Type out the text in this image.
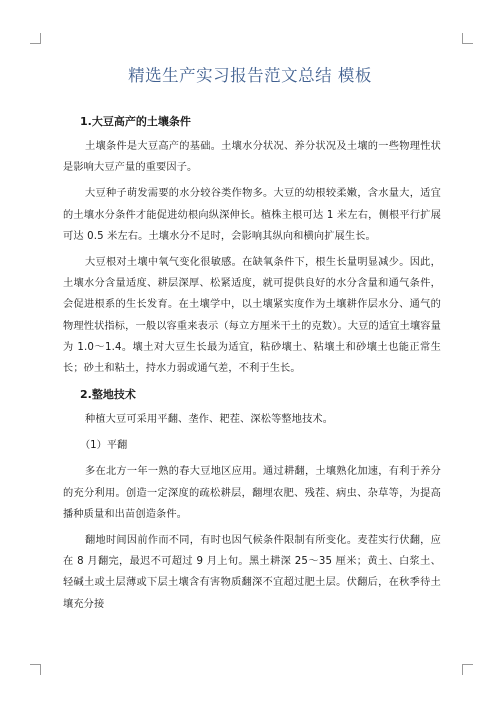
精选生产实习报告范文总结 模板
1.大豆高产的土壤条件

土壤条件是大豆高产的基础。土壤水分状况、养分状况及土壤的一些物理性状是影响大豆产量的重要因子。

大豆种子萌发需要的水分较谷类作物多。大豆的幼根较柔嫩，含水量大，适宜的土壤水分条件才能促进幼根向纵深伸长。植株主根可达 1 米左右，侧根平行扩展可达 0.5 米左右。土壤水分不足时，会影响其纵向和横向扩展生长。

大豆根对土壤中氧气变化很敏感。在缺氧条件下，根生长量明显减少。因此，土壤水分含量适度、耕层深厚、松紧适度，就可提供良好的水分含量和通气条件，会促进根系的生长发育。在土壤学中，以土壤紧实度作为土壤耕作层水分、通气的物理性状指标，一般以容重来表示（每立方厘米干土的克数）。大豆的适宜土壤容量为 1.0～1.4。壤土对大豆生长最为适宜，粘砂壤土、粘壤土和砂壤土也能正常生长；砂土和粘土，持水力弱或通气差，不利于生长。

2.整地技术

种植大豆可采用平翻、垄作、耙茬、深松等整地技术。

（1）平翻

多在北方一年一熟的春大豆地区应用。通过耕翻，土壤熟化加速，有利于养分的充分利用。创造一定深度的疏松耕层，翻埋农肥、残茬、病虫、杂草等，为提高播种质量和出苗创造条件。

翻地时间因前作而不同，有时也因气候条件限制有所变化。麦茬实行伏翻，应在 8 月翻完，最迟不可超过 9 月上旬。黑土耕深 25～35 厘米；黄土、白浆土、轻碱土或土层薄或下层土壤含有害物质翻深不宜超过肥土层。伏翻后，在秋季待土壤充分接
